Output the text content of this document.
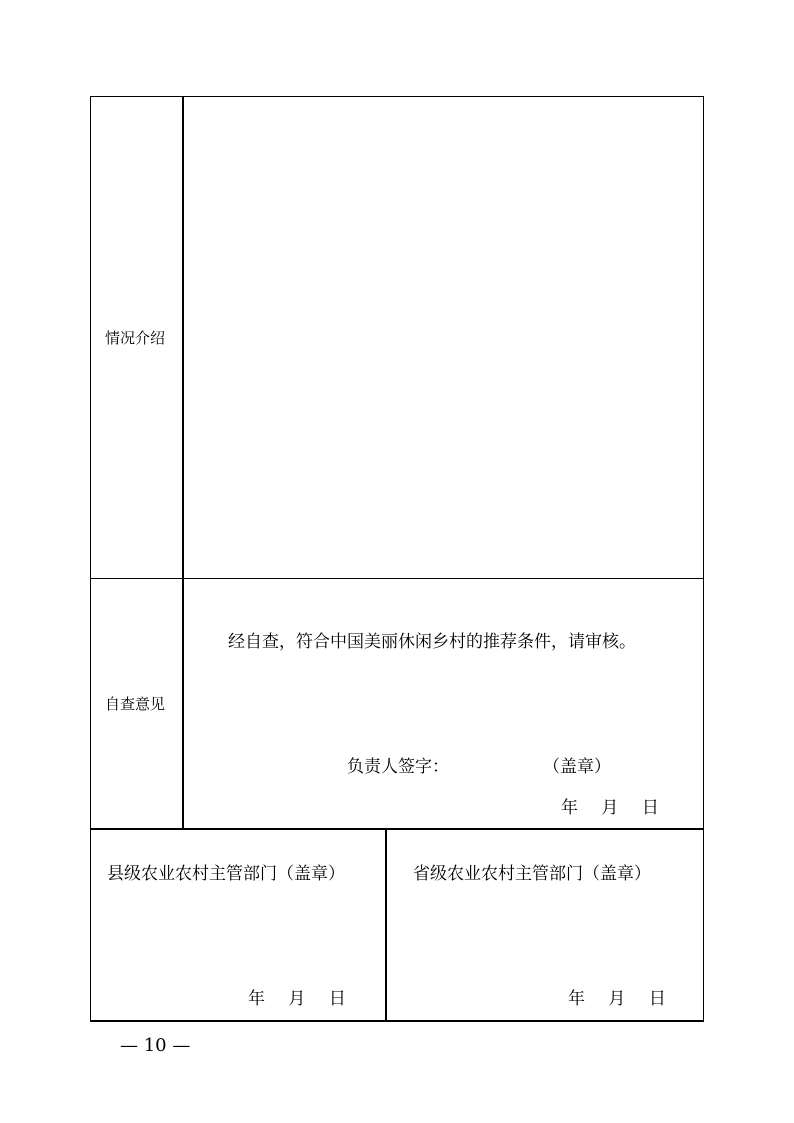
情况介绍
自查意见
经自查，符合中国美丽休闲乡村的推荐条件，请审核。
负责人签字：	（盖章）
年 月 日
县级农业农村主管部门（盖章）	省级农业农村主管部门（盖章）
年 月 日	年 月 日
— 10 —
